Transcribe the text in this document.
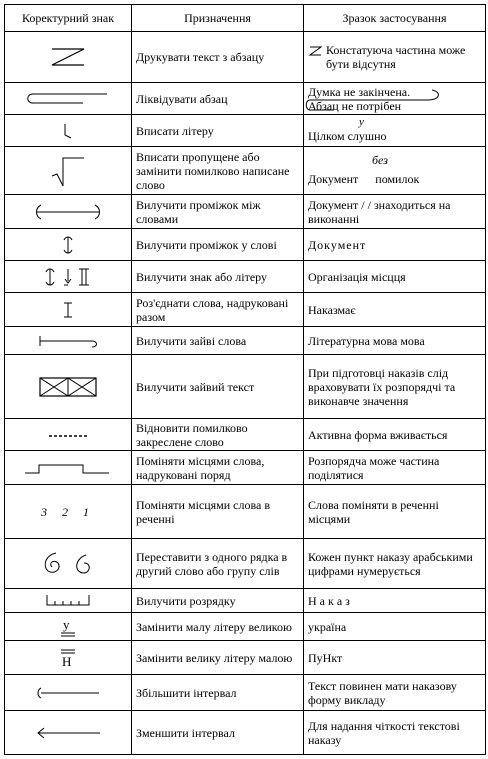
Коректурний знак	Призначення	Зразок застосування

	Друкувати текст з абзацу	Констатуюча частина може бути відсутня

	Ліквідувати абзац	Думка не закінчена. Абзац не потрібен

	Вписати літеру	у
Цілком слушно

	Вписати пропущене або замінити помилково написане слово	без
Документ помилок

	Вилучити проміжок між словами	Документ / / знаходиться на виконанні

	Вилучити проміжок у слові	Документ

	Вилучити знак або літеру	Організація місцця

	Роз'єднати слова, надруковані разом	Наказмає

	Вилучити зайві слова	Літературна мова мова

	Вилучити зайвий текст	При підготовці наказів слід враховувати їх розпорядчі та виконавче значення

	Відновити помилково закреслене слово	Активна форма вживається

	Поміняти місцями слова, надруковані поряд	Розпорядча може частина поділятися
3 2 1	Поміняти місцями слова в реченні	Слова поміняти в реченні місцями

	Переставити з одного рядка в другий слово або групу слів	Кожен пункт наказу арабськими цифрами нумерується

	Вилучити розрядку	Н а к а з

у	Замінити малу літеру великою	україна

Н	Замінити велику літеру малою	ПуНкт

	Збільшити інтервал	Текст повинен мати наказову форму викладу

	Зменшити інтервал	Для надання чіткості текстові наказу
